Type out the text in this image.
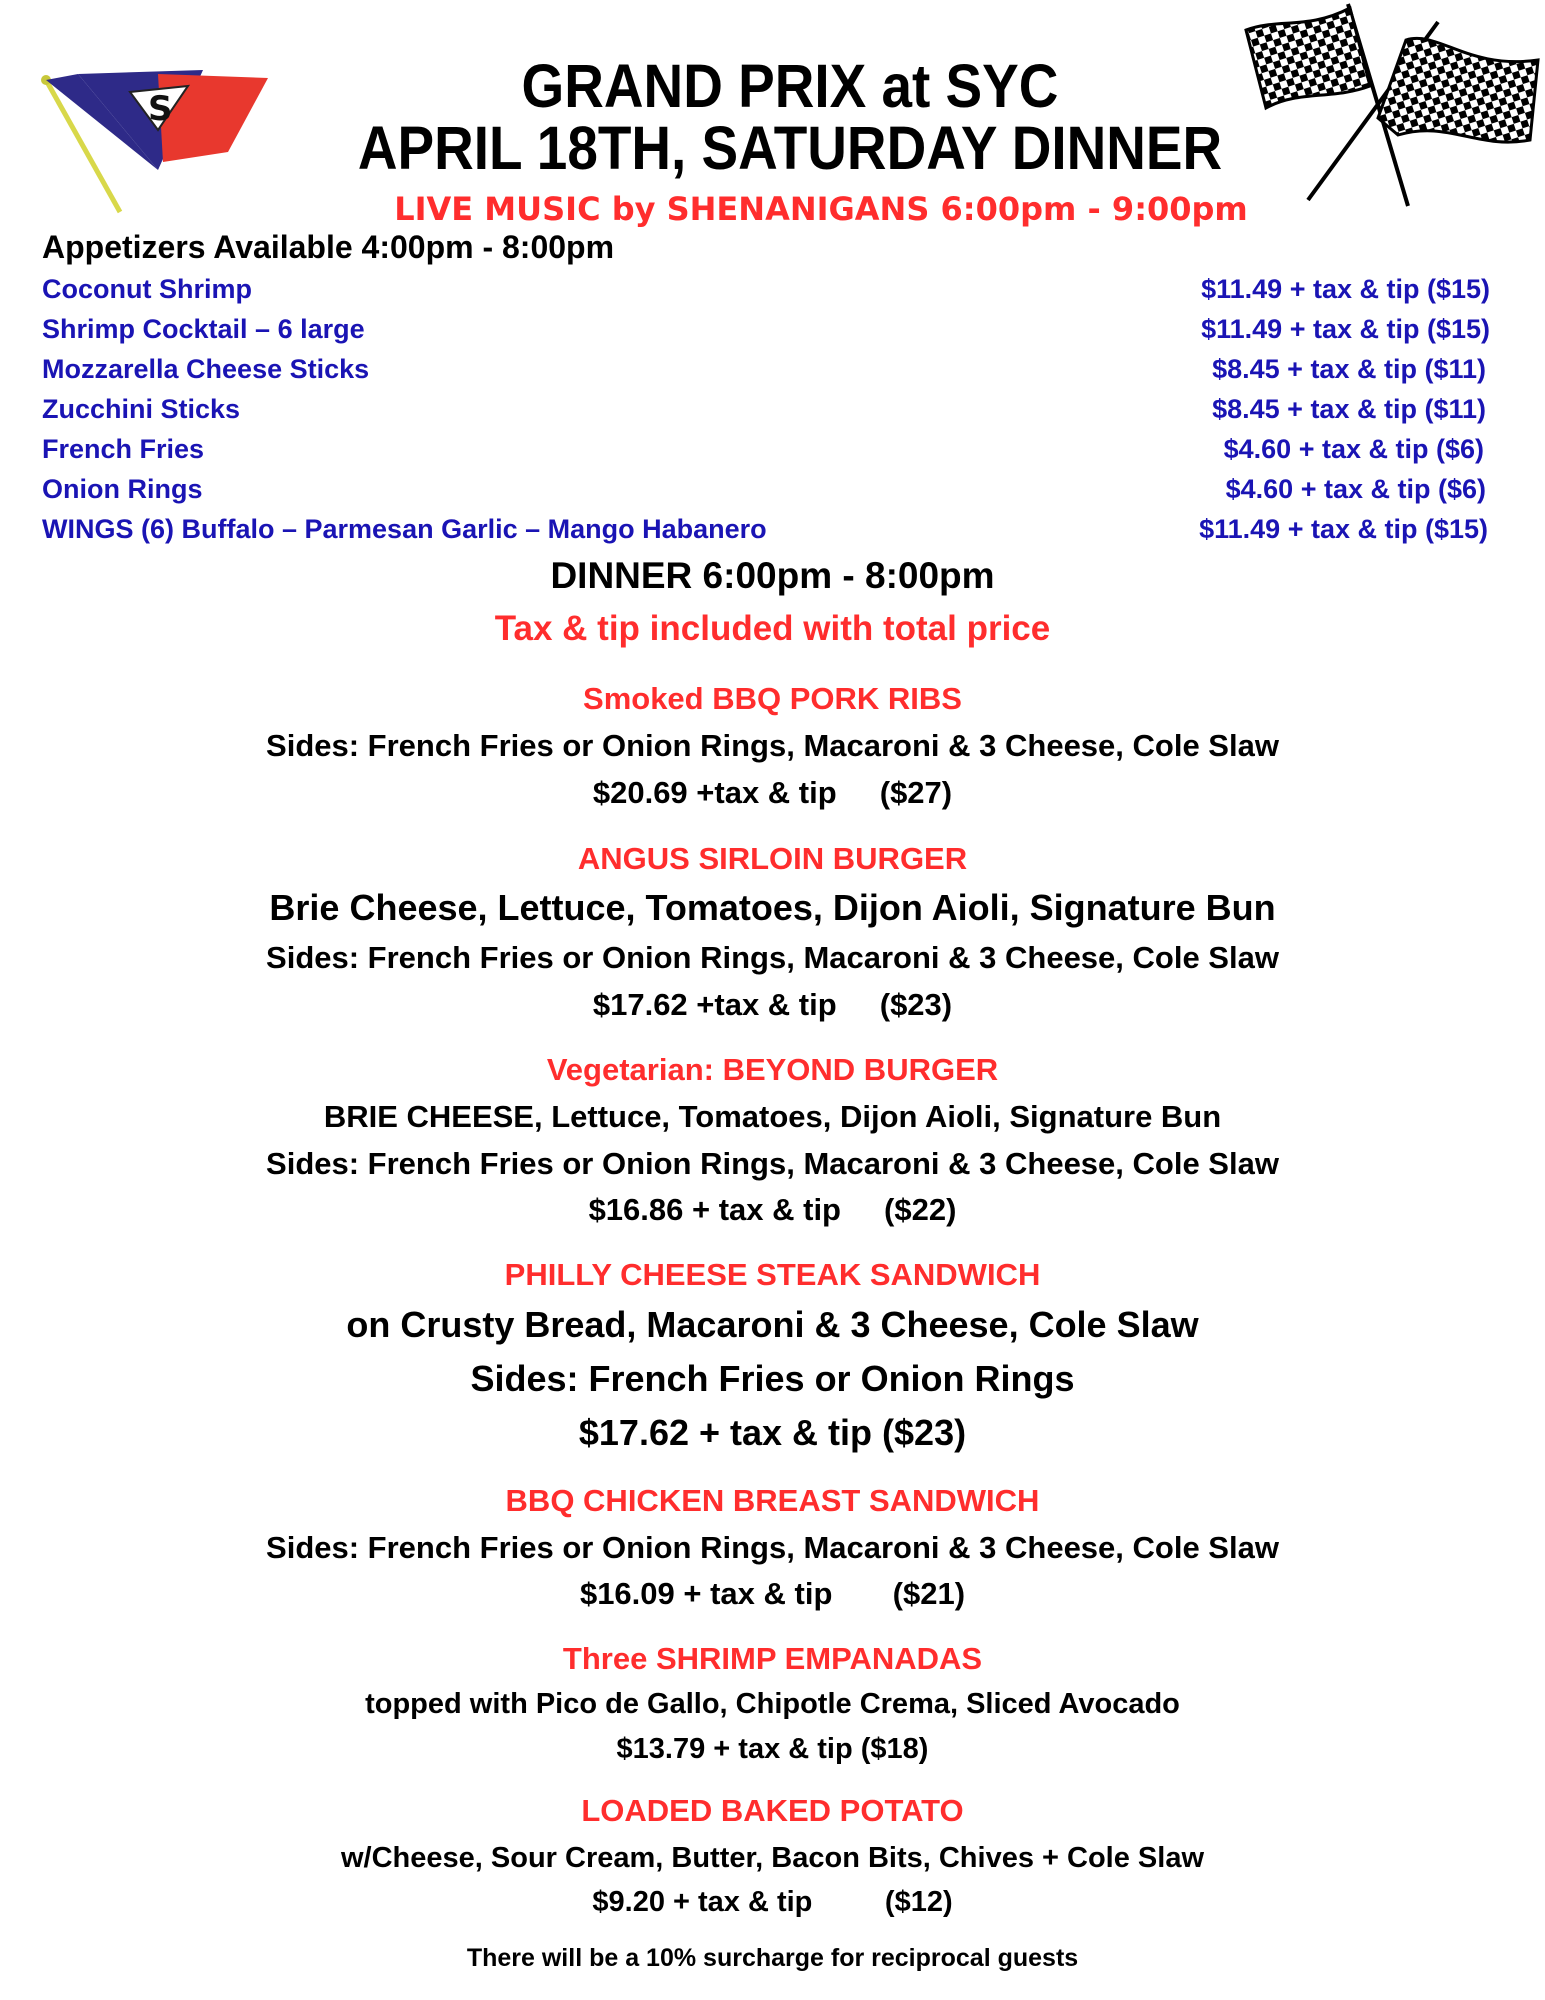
S	GRAND PRIX at SYC
APRIL 18TH, SATURDAY DINNER
LIVE MUSIC by SHENANIGANS 6:00pm - 9:00pm
Appetizers Available 4:00pm - 8:00pm
Coconut Shrimp	$11.49 + tax & tip ($15)
Shrimp Cocktail – 6 large	$11.49 + tax & tip ($15)
Mozzarella Cheese Sticks	$8.45 + tax & tip ($11)
Zucchini Sticks	$8.45 + tax & tip ($11)
French Fries	$4.60 + tax & tip ($6)
Onion Rings	$4.60 + tax & tip ($6)
WINGS (6) Buffalo – Parmesan Garlic – Mango Habanero	$11.49 + tax & tip ($15)
DINNER 6:00pm - 8:00pm
Tax & tip included with total price
Smoked BBQ PORK RIBS
Sides: French Fries or Onion Rings, Macaroni & 3 Cheese, Cole Slaw
$20.69 +tax & tip     ($27)
ANGUS SIRLOIN BURGER
Brie Cheese, Lettuce, Tomatoes, Dijon Aioli, Signature Bun
Sides: French Fries or Onion Rings, Macaroni & 3 Cheese, Cole Slaw
$17.62 +tax & tip     ($23)
Vegetarian: BEYOND BURGER
BRIE CHEESE, Lettuce, Tomatoes, Dijon Aioli, Signature Bun
Sides: French Fries or Onion Rings, Macaroni & 3 Cheese, Cole Slaw
$16.86 + tax & tip     ($22)
PHILLY CHEESE STEAK SANDWICH
on Crusty Bread, Macaroni & 3 Cheese, Cole Slaw
Sides: French Fries or Onion Rings
$17.62 + tax & tip ($23)
BBQ CHICKEN BREAST SANDWICH
Sides: French Fries or Onion Rings, Macaroni & 3 Cheese, Cole Slaw
$16.09 + tax & tip       ($21)
Three SHRIMP EMPANADAS
topped with Pico de Gallo, Chipotle Crema, Sliced Avocado
$13.79 + tax & tip ($18)
LOADED BAKED POTATO
w/Cheese, Sour Cream, Butter, Bacon Bits, Chives + Cole Slaw
$9.20 + tax & tip         ($12)
There will be a 10% surcharge for reciprocal guests
